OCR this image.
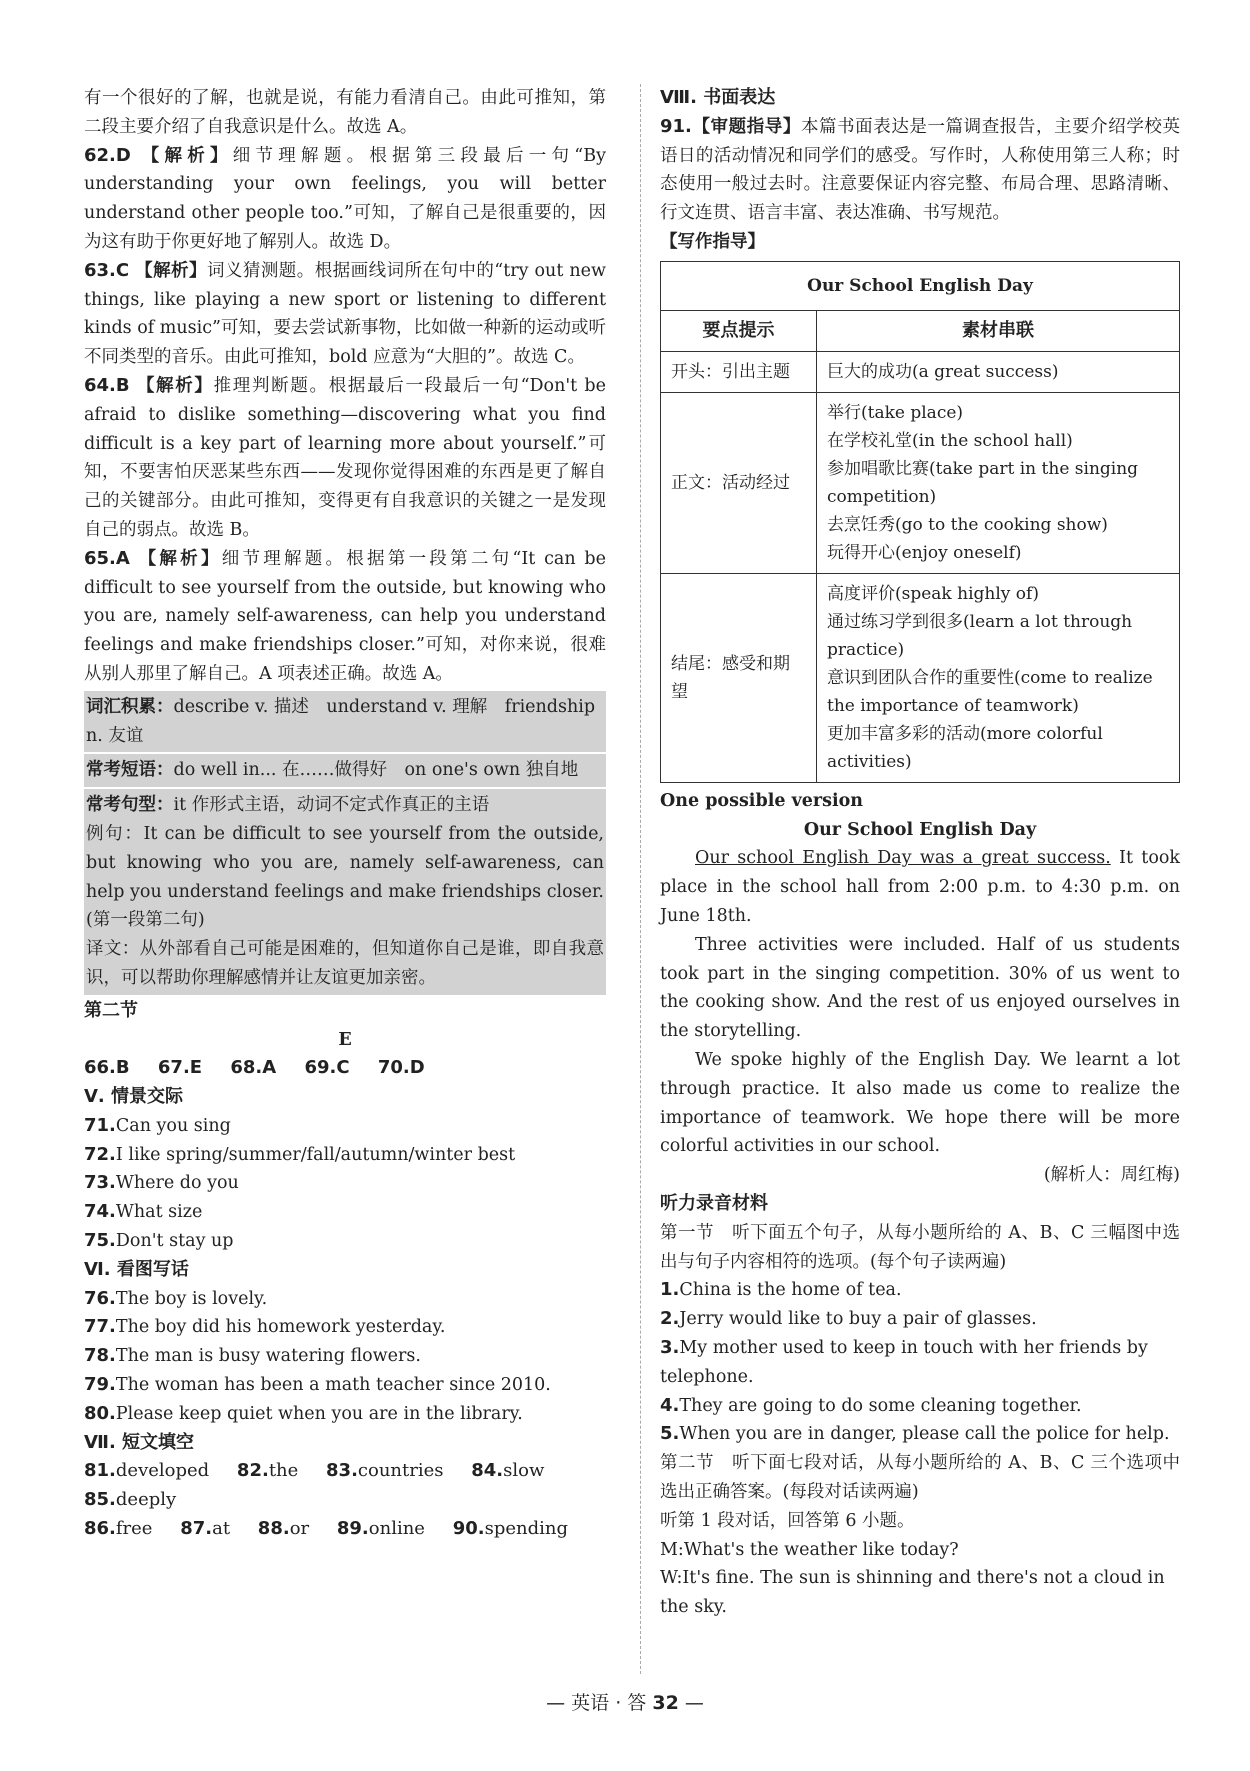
有一个很好的了解，也就是说，有能力看清自己。由此可推知，第二段主要介绍了自我意识是什么。故选 A。

62.D 【解析】细节理解题。根据第三段最后一句“By understanding your own feelings, you will better understand other people too.”可知，了解自己是很重要的，因为这有助于你更好地了解别人。故选 D。
63.C 【解析】词义猜测题。根据画线词所在句中的“try out new things, like playing a new sport or listening to different kinds of music”可知，要去尝试新事物，比如做一种新的运动或听不同类型的音乐。由此可推知，bold 应意为“大胆的”。故选 C。
64.B 【解析】推理判断题。根据最后一段最后一句“Don't be afraid to dislike something—discovering what you find difficult is a key part of learning more about yourself.”可知，不要害怕厌恶某些东西——发现你觉得困难的东西是更了解自己的关键部分。由此可推知，变得更有自我意识的关键之一是发现自己的弱点。故选 B。
65.A 【解析】细节理解题。根据第一段第二句“It can be difficult to see yourself from the outside, but knowing who you are, namely self-awareness, can help you understand feelings and make friendships closer.”可知，对你来说，很难从别人那里了解自己。A 项表述正确。故选 A。
词汇积累：describe v. 描述　understand v. 理解　friendship n. 友谊
常考短语：do well in... 在……做得好　on one's own 独自地
常考句型：it 作形式主语，动词不定式作真正的主语
例句：It can be difficult to see yourself from the outside, but knowing who you are, namely self-awareness, can help you understand feelings and make friendships closer. (第一段第二句)
译文：从外部看自己可能是困难的，但知道你自己是谁，即自我意识，可以帮助你理解感情并让友谊更加亲密。

第二节

E

66.B 67.E 68.A 69.C 70.D

Ⅴ. 情景交际

71.Can you sing
72.I like spring/summer/fall/autumn/winter best
73.Where do you
74.What size
75.Don't stay up

Ⅵ. 看图写话

76.The boy is lovely.
77.The boy did his homework yesterday.
78.The man is busy watering flowers.
79.The woman has been a math teacher since 2010.
80.Please keep quiet when you are in the library.

Ⅶ. 短文填空

81.developed 82.the 83.countries 84.slow 85.deeply
86.free 87.at 88.or 89.online 90.spending

Ⅷ. 书面表达

91.【审题指导】本篇书面表达是一篇调查报告，主要介绍学校英语日的活动情况和同学们的感受。写作时，人称使用第三人称；时态使用一般过去时。注意要保证内容完整、布局合理、思路清晰、行文连贯、语言丰富、表达准确、书写规范。

【写作指导】

Our School English Day	
要点提示	素材串联
开头：引出主题	巨大的成功(a great success)

正文：活动经过	举行(take place)
在学校礼堂(in the school hall)
参加唱歌比赛(take part in the singing competition)
去烹饪秀(go to the cooking show)
玩得开心(enjoy oneself)

结尾：感受和期望	高度评价(speak highly of)
通过练习学到很多(learn a lot through practice)
意识到团队合作的重要性(come to realize the importance of teamwork)
更加丰富多彩的活动(more colorful activities)

One possible version

Our School English Day

Our school English Day was a great success. It took place in the school hall from 2:00 p.m. to 4:30 p.m. on June 18th.

Three activities were included. Half of us students took part in the singing competition. 30% of us went to the cooking show. And the rest of us enjoyed ourselves in the storytelling.

We spoke highly of the English Day. We learnt a lot through practice. It also made us come to realize the importance of teamwork. We hope there will be more colorful activities in our school.

(解析人：周红梅)

听力录音材料

第一节　听下面五个句子，从每小题所给的 A、B、C 三幅图中选出与句子内容相符的选项。(每个句子读两遍)

1.China is the home of tea.
2.Jerry would like to buy a pair of glasses.
3.My mother used to keep in touch with her friends by telephone.
4.They are going to do some cleaning together.
5.When you are in danger, please call the police for help.

第二节　听下面七段对话，从每小题所给的 A、B、C 三个选项中选出正确答案。(每段对话读两遍)

听第 1 段对话，回答第 6 小题。

M:What's the weather like today?
W:It's fine. The sun is shinning and there's not a cloud in the sky.
— 英语 · 答 32 —
